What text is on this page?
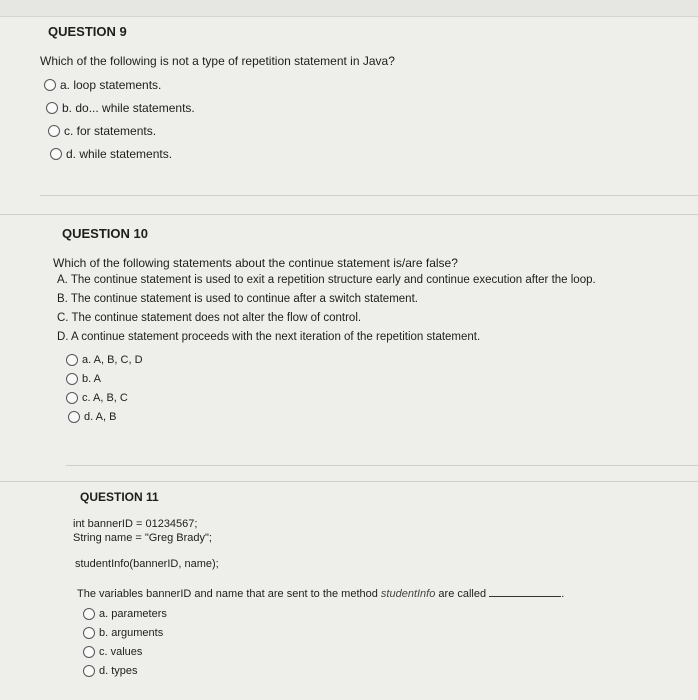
QUESTION 9

Which of the following is not a type of repetition statement in Java?

a. loop statements.
b. do... while statements.
c. for statements.
d. while statements.

QUESTION 10

Which of the following statements about the continue statement is/are false?

A. The continue statement is used to exit a repetition structure early and continue execution after the loop.

B. The continue statement is used to continue after a switch statement.

C. The continue statement does not alter the flow of control.

D. A continue statement proceeds with the next iteration of the repetition statement.

a. A, B, C, D
b. A
c. A, B, C
d. A, B

QUESTION 11

int bannerID = 01234567;

String name = "Greg Brady";

studentInfo(bannerID, name);

The variables bannerID and name that are sent to the method studentInfo are called	.

a. parameters
b. arguments
c. values
d. types
